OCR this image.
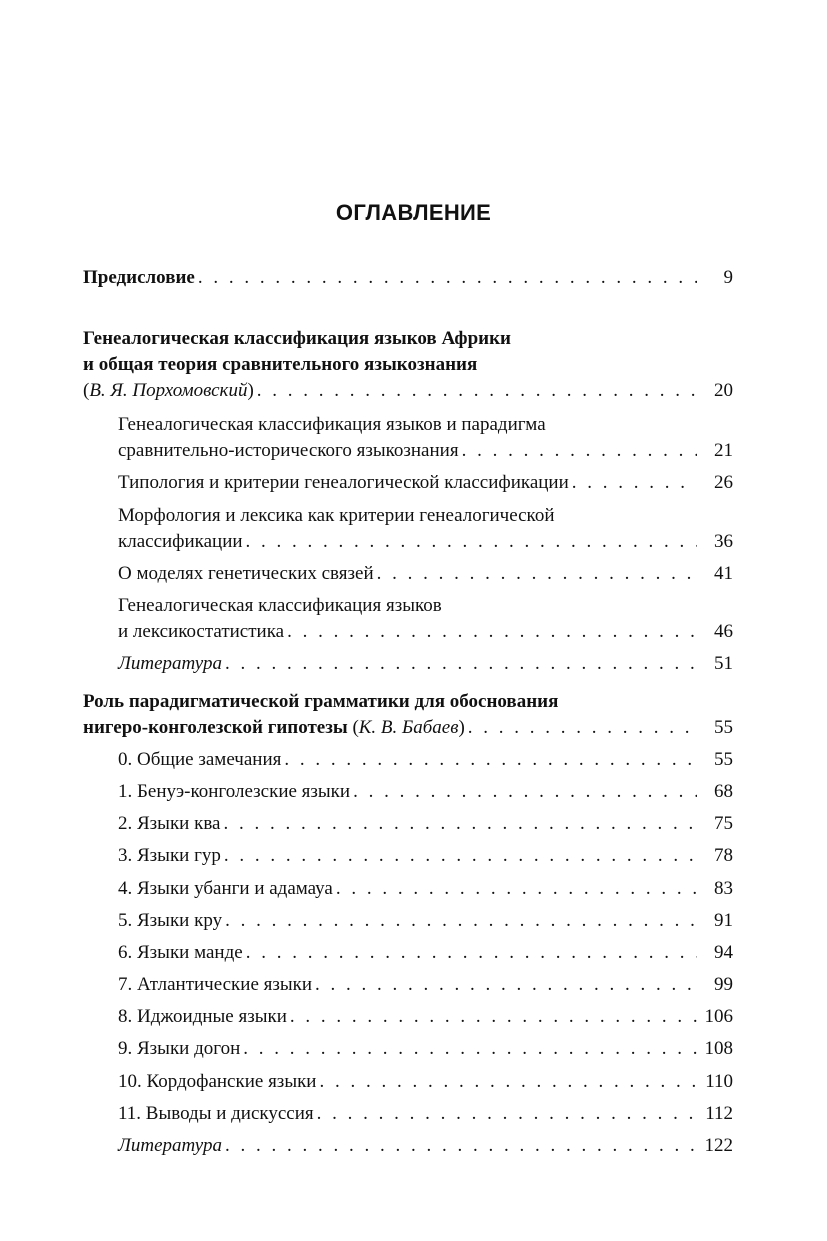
ОГЛАВЛЕНИЕ
Предисловие . . .	9
Генеалогическая классификация языков Африки
и общая теория сравнительного языкознания
( В. Я. Порхомовский ) . . .	20
Генеалогическая классификация языков и парадигма
сравнительно-исторического языкознания . . .	21
Типология и критерии генеалогической классификации . . .	26
Морфология и лексика как критерии генеалогической
классификации . . .	36
О моделях генетических связей . . .	41
Генеалогическая классификация языков
и лексикостатистика . . .	46
Литература . . .	51
Роль парадигматической грамматики для обоснования
нигеро-конголезской гипотезы ( К. В. Бабаев ) . . .	55
0. Общие замечания . . .	55
1. Бенуэ-конголезские языки . . .	68
2. Языки ква . . .	75
3. Языки гур . . .	78
4. Языки убанги и адамауа . . .	83
5. Языки кру . . .	91
6. Языки манде . . .	94
7. Атлантические языки . . .	99
8. Иджоидные языки . . .	106
9. Языки догон . . .	108
10. Кордофанские языки . . .	110
11. Выводы и дискуссия . . .	112
Литература . . .	122
